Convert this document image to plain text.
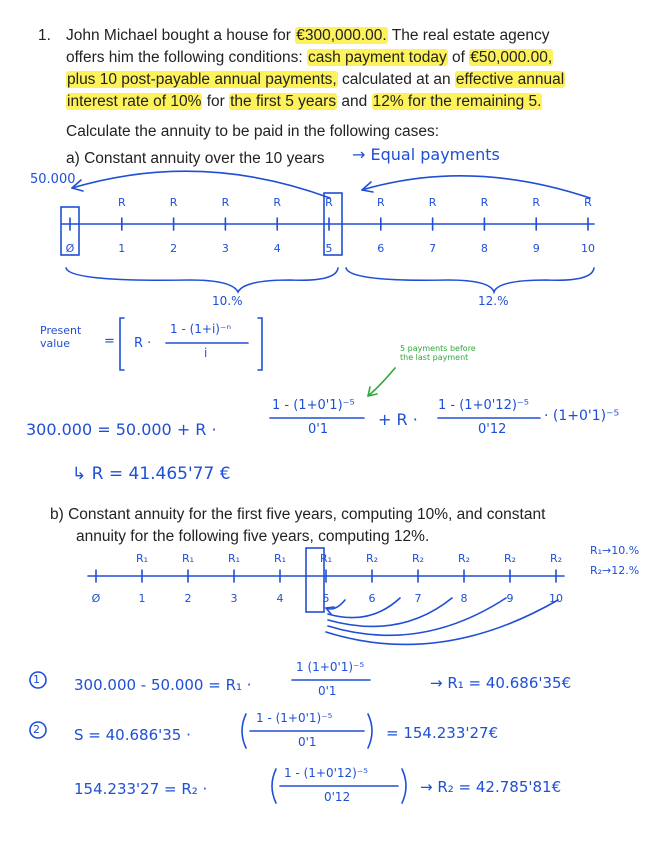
1. John Michael bought a house for €300,000.00. The real estate agency
offers him the following conditions: cash payment today of €50,000.00,
plus 10 post-payable annual payments, calculated at an effective annual
interest rate of 10% for the first 5 years and 12% for the remaining 5.
Calculate the annuity to be paid in the following cases:
a) Constant annuity over the 10 years
b) Constant annuity for the first five years, computing 10%, and constant
annuity for the following five years, computing 12%.
→ Equal payments
50.000
Ø	1
R
2
R
3
R
4
R
5
R
6
R
7
R
8
R
9
R
10
R
Ø	1
R₁
2
R₁
3
R₁
4
R₁
5
R₁
6
R₂
7
R₂
8
R₂
9
R₂
10
R₂
10.%	12.%
Present
value	= R ·
1 - (1+i)⁻ⁿ
i	5 payments before
the last payment
300.000 = 50.000 + R ·
1 - (1+0'1)⁻⁵
0'1
+ R ·
1 - (1+0'12)⁻⁵
0'12
· (1+0'1)⁻⁵
↳ R = 41.465'77 €
R₁→10.%
R₂→12.%
1 300.000 - 50.000 = R₁ ·
1 (1+0'1)⁻⁵
0'1	→ R₁ = 40.686'35€
2 S = 40.686'35 ·
1 - (1+0'1)⁻⁵
0'1	= 154.233'27€
154.233'27 = R₂ ·
1 - (1+0'12)⁻⁵
0'12
→ R₂ = 42.785'81€
